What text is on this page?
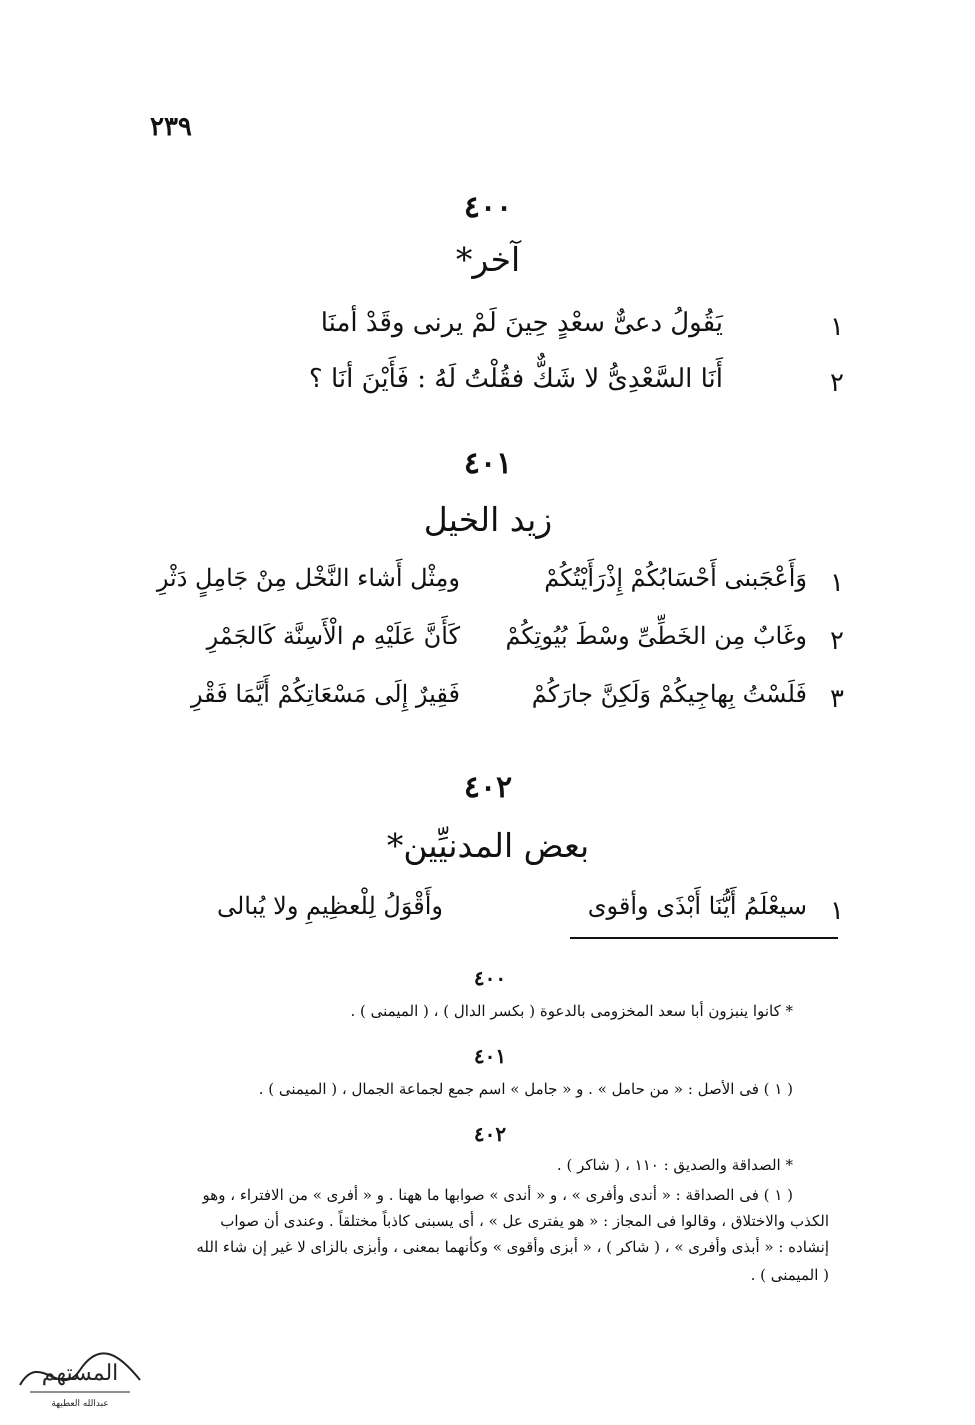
٢٣٩
٤٠٠
آخر*
١
يَقُولُ دعىٌّ سعْدٍ حِينَ لَمْ يرنى وقَدْ أمنَا
٢
أَنَا السَّعْدِىُّ لا شَكٌّ فقُلْتُ لَهُ : فَأَيْنَ أنَا ؟
٤٠١
زيد الخيل
١
وَأَعْجَبنى أَحْسَابُكُمْ إِذْرَأَيْتُكُمْ
ومِثْل أَشاء النَّخْل مِنْ جَامِلٍ دَثْرِ
٢
وغَابٌ مِن الخَطِّىِّ وسْطَ بُيُوتِكُمْ
كَأَنَّ عَلَيْهِ م الْأَسِنَّة كَالجَمْرِ
٣
فَلَسْتُ بِهاجِيكُمْ وَلَكِنَّ جارَكُمْ
فَقِيرٌ إِلَى مَسْعَاتِكُمْ أَيَّمَا فَقْرِ
٤٠٢
بعض المدنيِّين*
١
سيعْلَمُ أَيُّنَا أَبْذَى وأقوى
وأَقْوَلُ لِلْعظِيمِ ولا يُبالى
٤٠٠
* كانوا ينبزون أبا سعد المخزومى بالدعوة ( بكسر الدال ) ، ( الميمنى ) .
٤٠١
( ١ ) فى الأصل : « من حامل » . و « جامل » اسم جمع لجماعة الجمال ، ( الميمنى ) .
٤٠٢
* الصداقة والصديق : ١١٠ ، ( شاكر ) .
( ١ ) فى الصداقة : « أندى وأفرى » ، و « أندى » صوابها ما ههنا . و « أفرى » من الافتراء ، وهو
الكذب والاختلاق ، وقالوا فى المجاز : « هو يفترى عل » ، أى يسبنى كاذباً مختلقاً . وعندى أن صواب
إنشاده : « أبذى وأفرى » ، ( شاكر ) ، « أبزى وأقوى » وكأنهما بمعنى ، وأبزى بالزاى لا غير إن شاء الله
( الميمنى ) .
المستهم
عبدالله العطيهة
